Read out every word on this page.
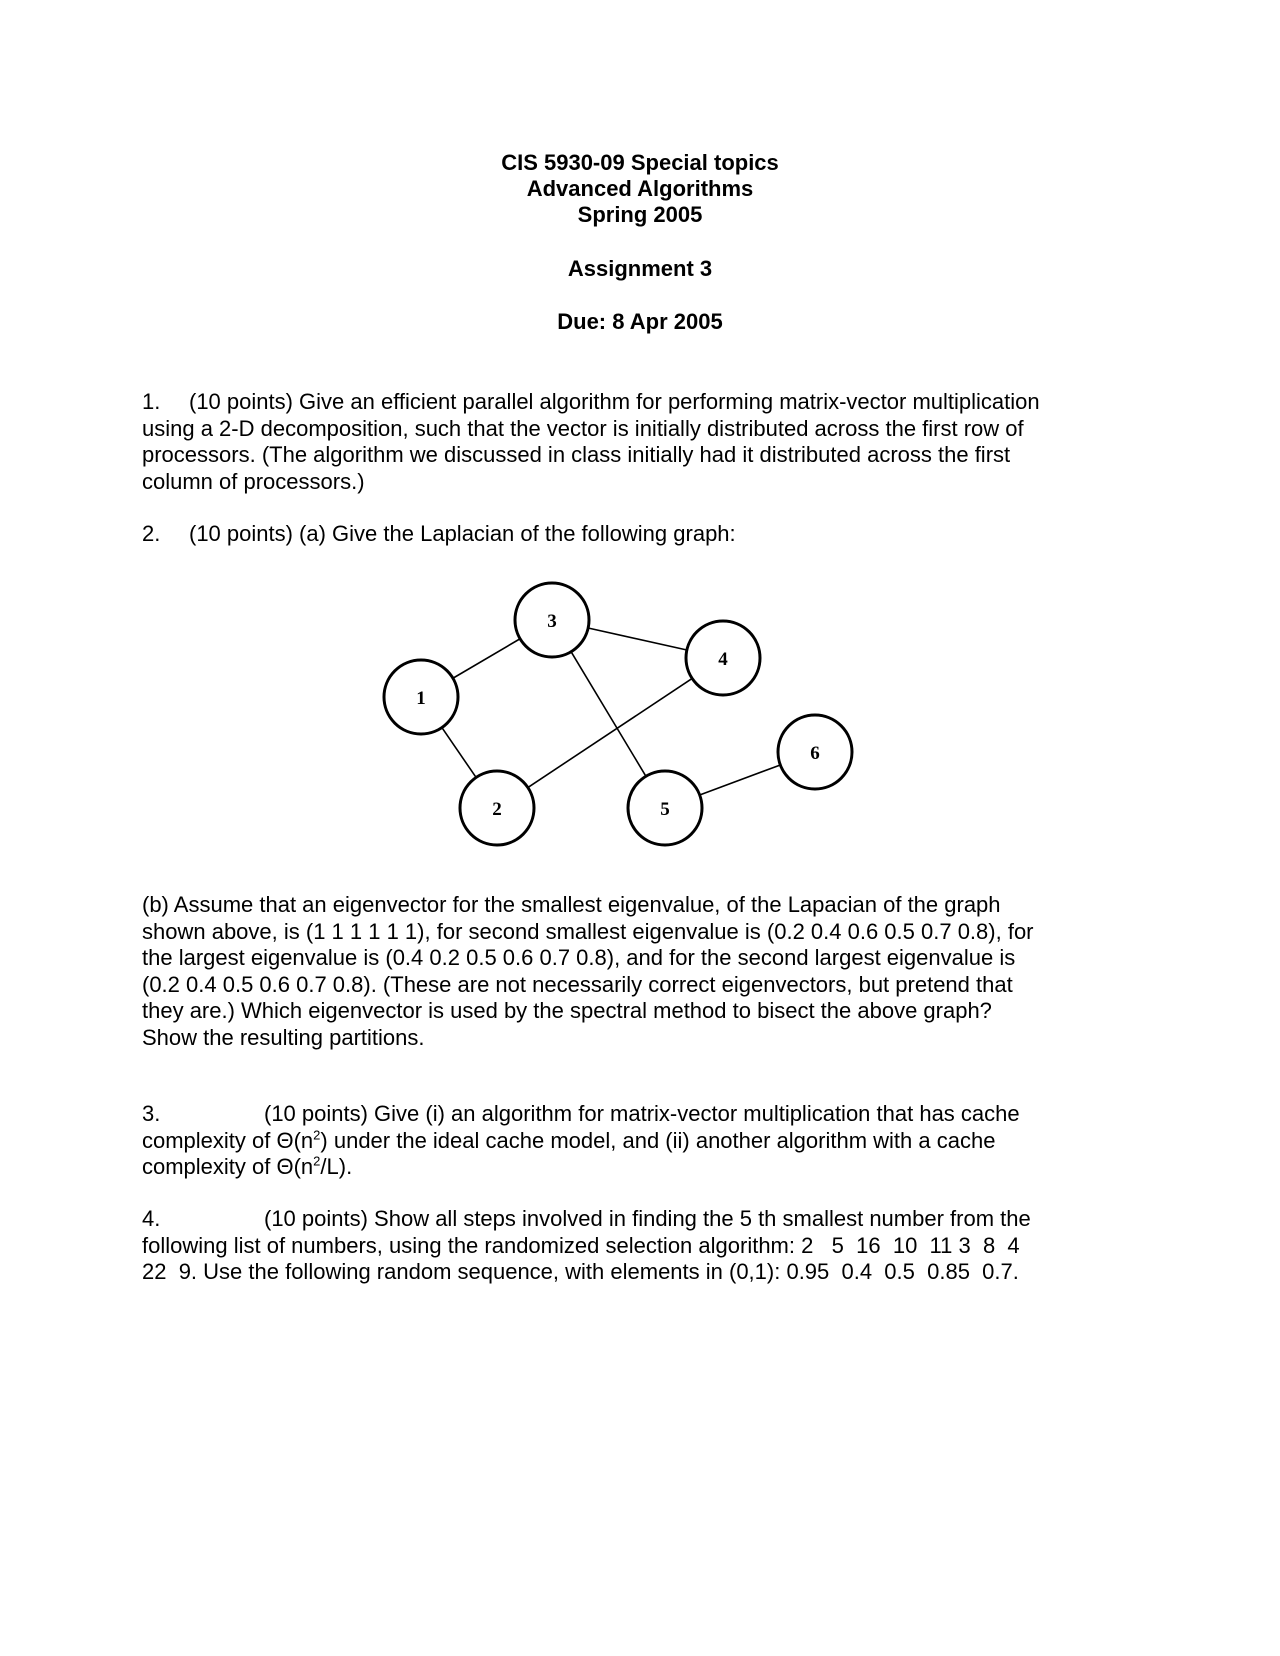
CIS 5930-09 Special topics
Advanced Algorithms
Spring 2005
Assignment 3
Due: 8 Apr 2005
1. (10 points) Give an efficient parallel algorithm for performing matrix-vector multiplication
using a 2-D decomposition, such that the vector is initially distributed across the first row of
processors. (The algorithm we discussed in class initially had it distributed across the first
column of processors.)
2. (10 points) (a) Give the Laplacian of the following graph:
1
2
3
4
5
6
(b) Assume that an eigenvector for the smallest eigenvalue, of the Lapacian of the graph
shown above, is (1 1 1 1 1 1), for second smallest eigenvalue is (0.2 0.4 0.6 0.5 0.7 0.8), for
the largest eigenvalue is (0.4 0.2 0.5 0.6 0.7 0.8), and for the second largest eigenvalue is
(0.2 0.4 0.5 0.6 0.7 0.8). (These are not necessarily correct eigenvectors, but pretend that
they are.) Which eigenvector is used by the spectral method to bisect the above graph?
Show the resulting partitions.
3.	(10 points) Give (i) an algorithm for matrix-vector multiplication that has cache
complexity of $\Theta(n^2)$ under the ideal cache model, and (ii) another algorithm with a cache
complexity of $\Theta(n^2/L)$.
4.	(10 points) Show all steps involved in finding the 5 th smallest number from the
following list of numbers, using the randomized selection algorithm: 2   5  16  10  11 3  8  4
22  9. Use the following random sequence, with elements in (0,1): 0.95  0.4  0.5  0.85  0.7.
